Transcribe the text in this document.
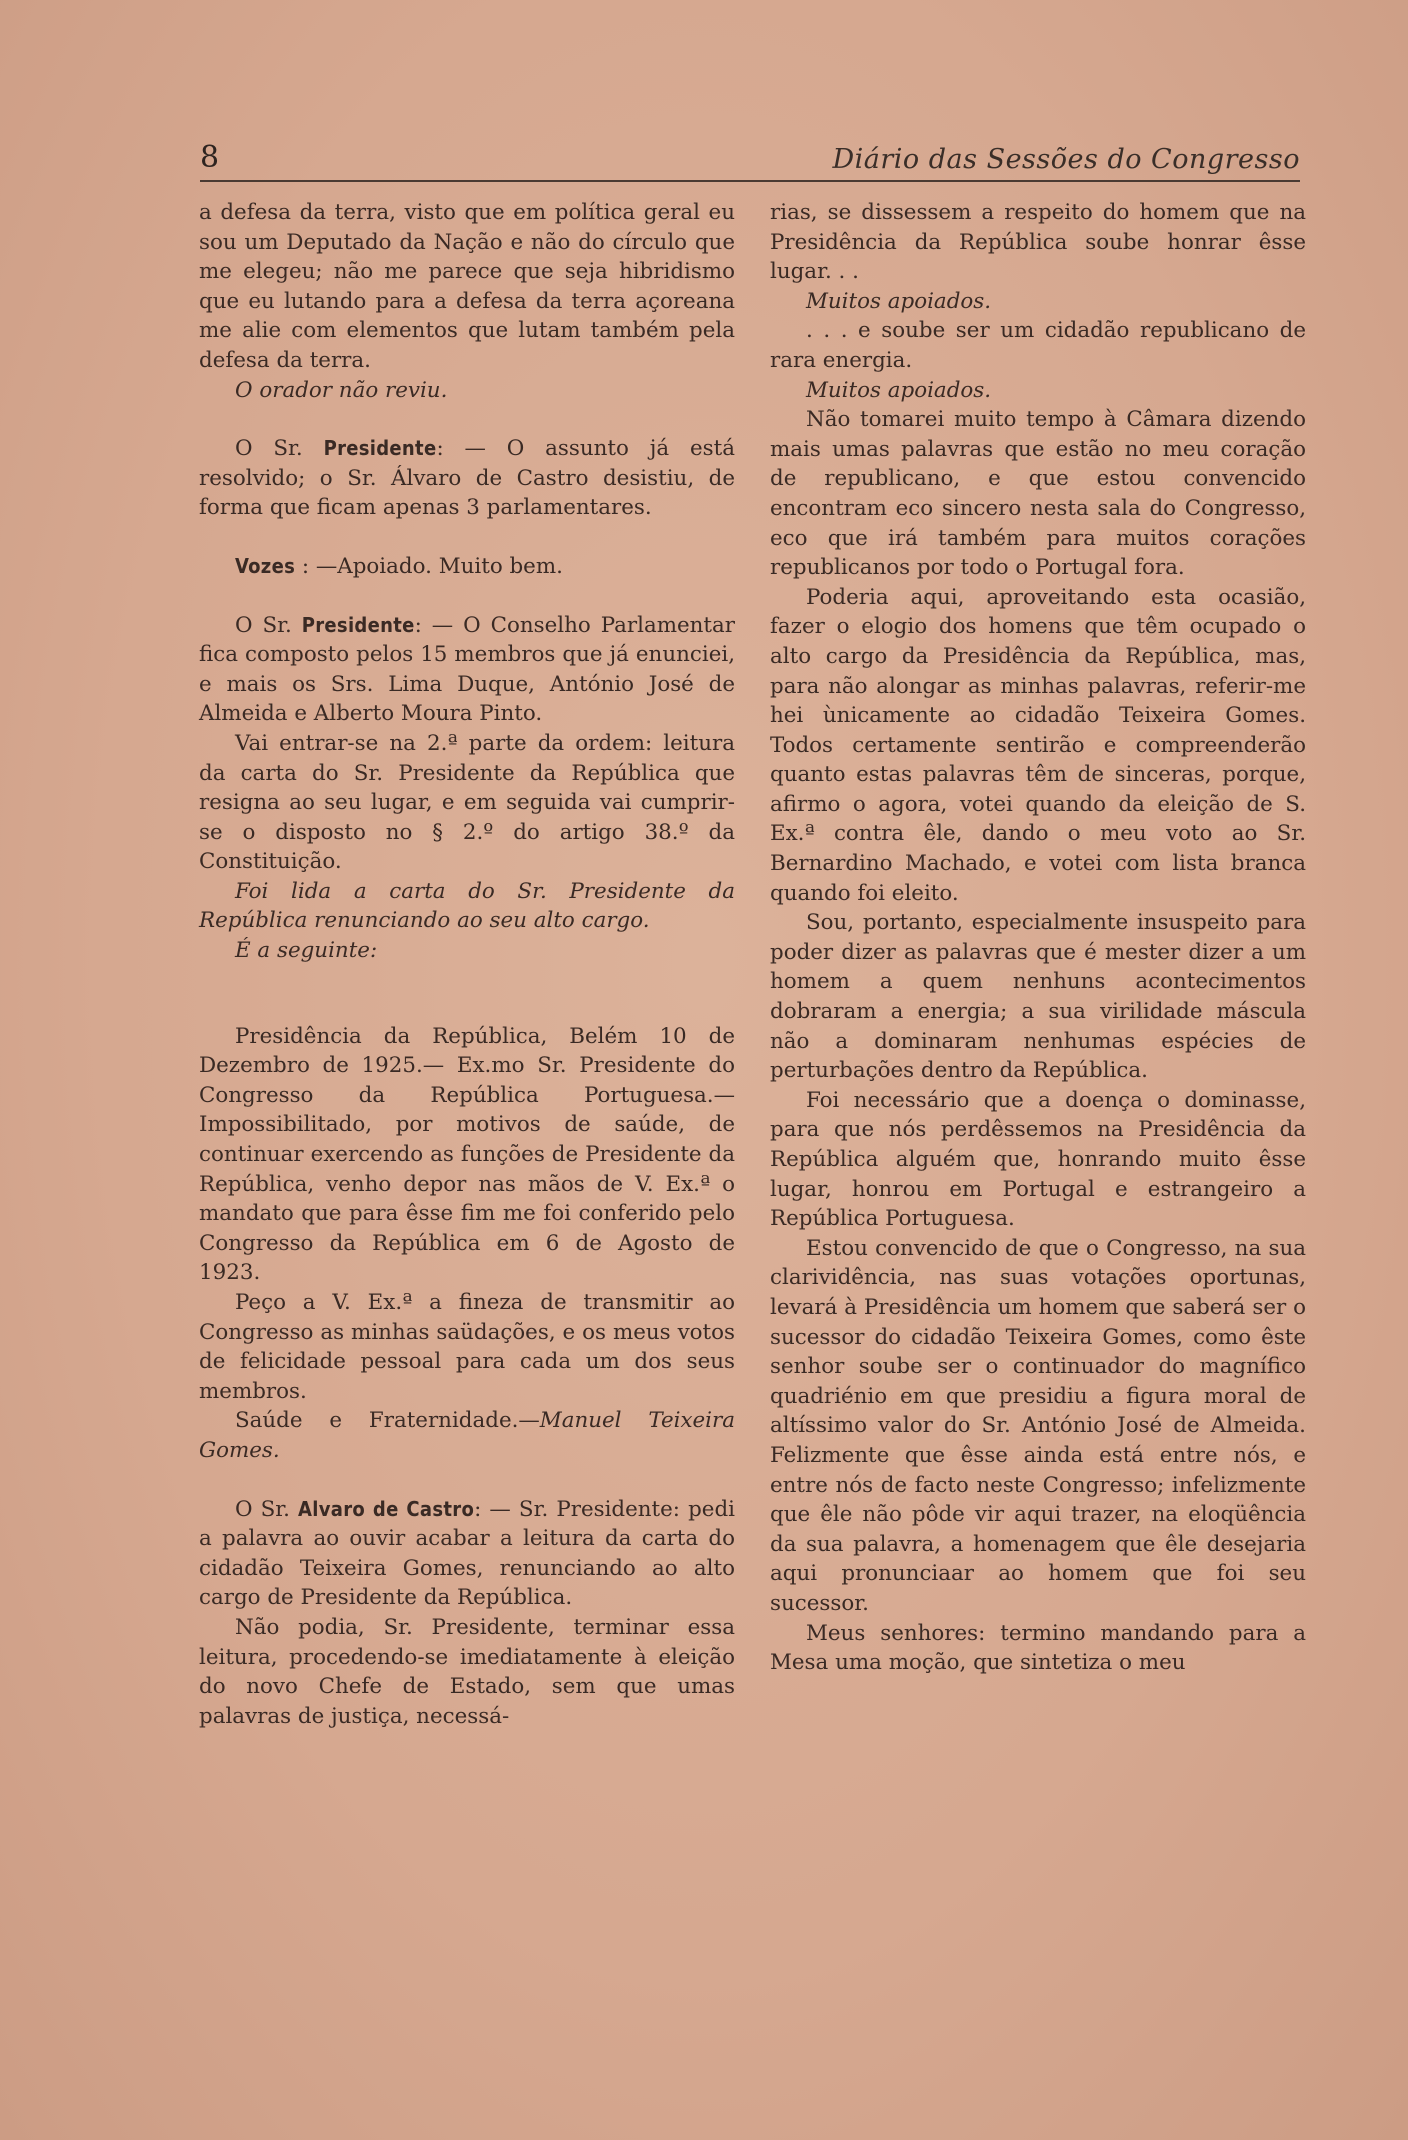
8	Diário das Sessões do Congresso

a defesa da terra, visto que em política geral eu sou um Deputado da Nação e não do círculo que me elegeu; não me parece que seja hibridismo que eu lutando para a defesa da terra açoreana me alie com elementos que lutam também pela defesa da terra.

O orador não reviu.

O Sr. Presidente: — O assunto já está resolvido; o Sr. Álvaro de Castro desistiu, de forma que ficam apenas 3 parlamentares.

Vozes : —Apoiado. Muito bem.

O Sr. Presidente: — O Conselho Parlamentar fica composto pelos 15 membros que já enunciei, e mais os Srs. Lima Duque, António José de Almeida e Alberto Moura Pinto.

Vai entrar-se na 2.ª parte da ordem: leitura da carta do Sr. Presidente da República que resigna ao seu lugar, e em seguida vai cumprir-se o disposto no § 2.º do artigo 38.º da Constituição.

Foi lida a carta do Sr. Presidente da República renunciando ao seu alto cargo.

É a seguinte:

Presidência da República, Belém 10 de Dezembro de 1925.— Ex.mo Sr. Presidente do Congresso da República Portuguesa.— Impossibilitado, por motivos de saúde, de continuar exercendo as funções de Presidente da República, venho depor nas mãos de V. Ex.ª o mandato que para êsse fim me foi conferido pelo Congresso da República em 6 de Agosto de 1923.

Peço a V. Ex.ª a fineza de transmitir ao Congresso as minhas saüdações, e os meus votos de felicidade pessoal para cada um dos seus membros.

Saúde e Fraternidade.—Manuel Teixeira Gomes.

O Sr. Alvaro de Castro: — Sr. Presidente: pedi a palavra ao ouvir acabar a leitura da carta do cidadão Teixeira Gomes, renunciando ao alto cargo de Presidente da República.

Não podia, Sr. Presidente, terminar essa leitura, procedendo-se imediatamente à eleição do novo Chefe de Estado, sem que umas palavras de justiça, necessá-

rias, se dissessem a respeito do homem que na Presidência da República soube honrar êsse lugar. . .

Muitos apoiados.

. . . e soube ser um cidadão republicano de rara energia.

Muitos apoiados.

Não tomarei muito tempo à Câmara dizendo mais umas palavras que estão no meu coração de republicano, e que estou convencido encontram eco sincero nesta sala do Congresso, eco que irá também para muitos corações republicanos por todo o Portugal fora.

Poderia aqui, aproveitando esta ocasião, fazer o elogio dos homens que têm ocupado o alto cargo da Presidência da República, mas, para não alongar as minhas palavras, referir-me hei ùnicamente ao cidadão Teixeira Gomes. Todos certamente sentirão e compreenderão quanto estas palavras têm de sinceras, porque, afirmo o agora, votei quando da eleição de S. Ex.ª contra êle, dando o meu voto ao Sr. Bernardino Machado, e votei com lista branca quando foi eleito.

Sou, portanto, especialmente insuspeito para poder dizer as palavras que é mester dizer a um homem a quem nenhuns acontecimentos dobraram a energia; a sua virilidade máscula não a dominaram nenhumas espécies de perturbações dentro da República.

Foi necessário que a doença o dominasse, para que nós perdêssemos na Presidência da República alguém que, honrando muito êsse lugar, honrou em Portugal e estrangeiro a República Portuguesa.

Estou convencido de que o Congresso, na sua clarividência, nas suas votações oportunas, levará à Presidência um homem que saberá ser o sucessor do cidadão Teixeira Gomes, como êste senhor soube ser o continuador do magnífico quadriénio em que presidiu a figura moral de altíssimo valor do Sr. António José de Almeida. Felizmente que êsse ainda está entre nós, e entre nós de facto neste Congresso; infelizmente que êle não pôde vir aqui trazer, na eloqüência da sua palavra, a homenagem que êle desejaria aqui pronunciaar ao homem que foi seu sucessor.

Meus senhores: termino mandando para a Mesa uma moção, que sintetiza o meu
